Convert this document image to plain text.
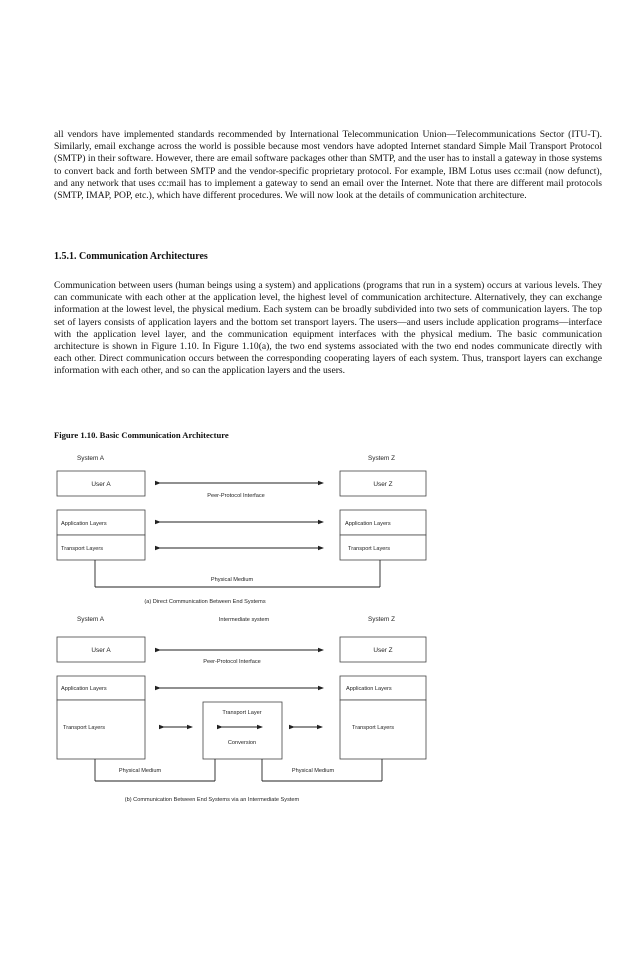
all vendors have implemented standards recommended by International Telecommunication Union—Telecommunications Sector (ITU-T). Similarly, email exchange across the world is possible because most vendors have adopted Internet standard Simple Mail Transport Protocol (SMTP) in their software. However, there are email software packages other than SMTP, and the user has to install a gateway in those systems to convert back and forth between SMTP and the vendor-specific proprietary protocol. For example, IBM Lotus uses cc:mail (now defunct), and any network that uses cc:mail has to implement a gateway to send an email over the Internet. Note that there are different mail protocols (SMTP, IMAP, POP, etc.), which have different procedures. We will now look at the details of communication architecture.

1.5.1. Communication Architectures

Communication between users (human beings using a system) and applications (programs that run in a system) occurs at various levels. They can communicate with each other at the application level, the highest level of communication architecture. Alternatively, they can exchange information at the lowest level, the physical medium. Each system can be broadly subdivided into two sets of communication layers. The top set of layers consists of application layers and the bottom set transport layers. The users—and users include application programs—interface with the application level layer, and the communication equipment interfaces with the physical medium. The basic communication architecture is shown in Figure 1.10. In Figure 1.10(a), the two end systems associated with the two end nodes communicate directly with each other. Direct communication occurs between the corresponding cooperating layers of each system. Thus, transport layers can exchange information with each other, and so can the application layers and the users.

Figure 1.10. Basic Communication Architecture

System A	System Z
User A	User Z
Peer-Protocol Interface
Application Layers
Transport Layers
Application Layers
Transport Layers
Physical Medium
(a) Direct Communication Between End Systems
System A	Intermediate system	System Z
User A	User Z
Peer-Protocol Interface
Application Layers
Transport Layers
Application Layers
Transport Layers
Transport Layer
Conversion
Physical Medium	Physical Medium
(b) Communication Between End Systems via an Intermediate System
